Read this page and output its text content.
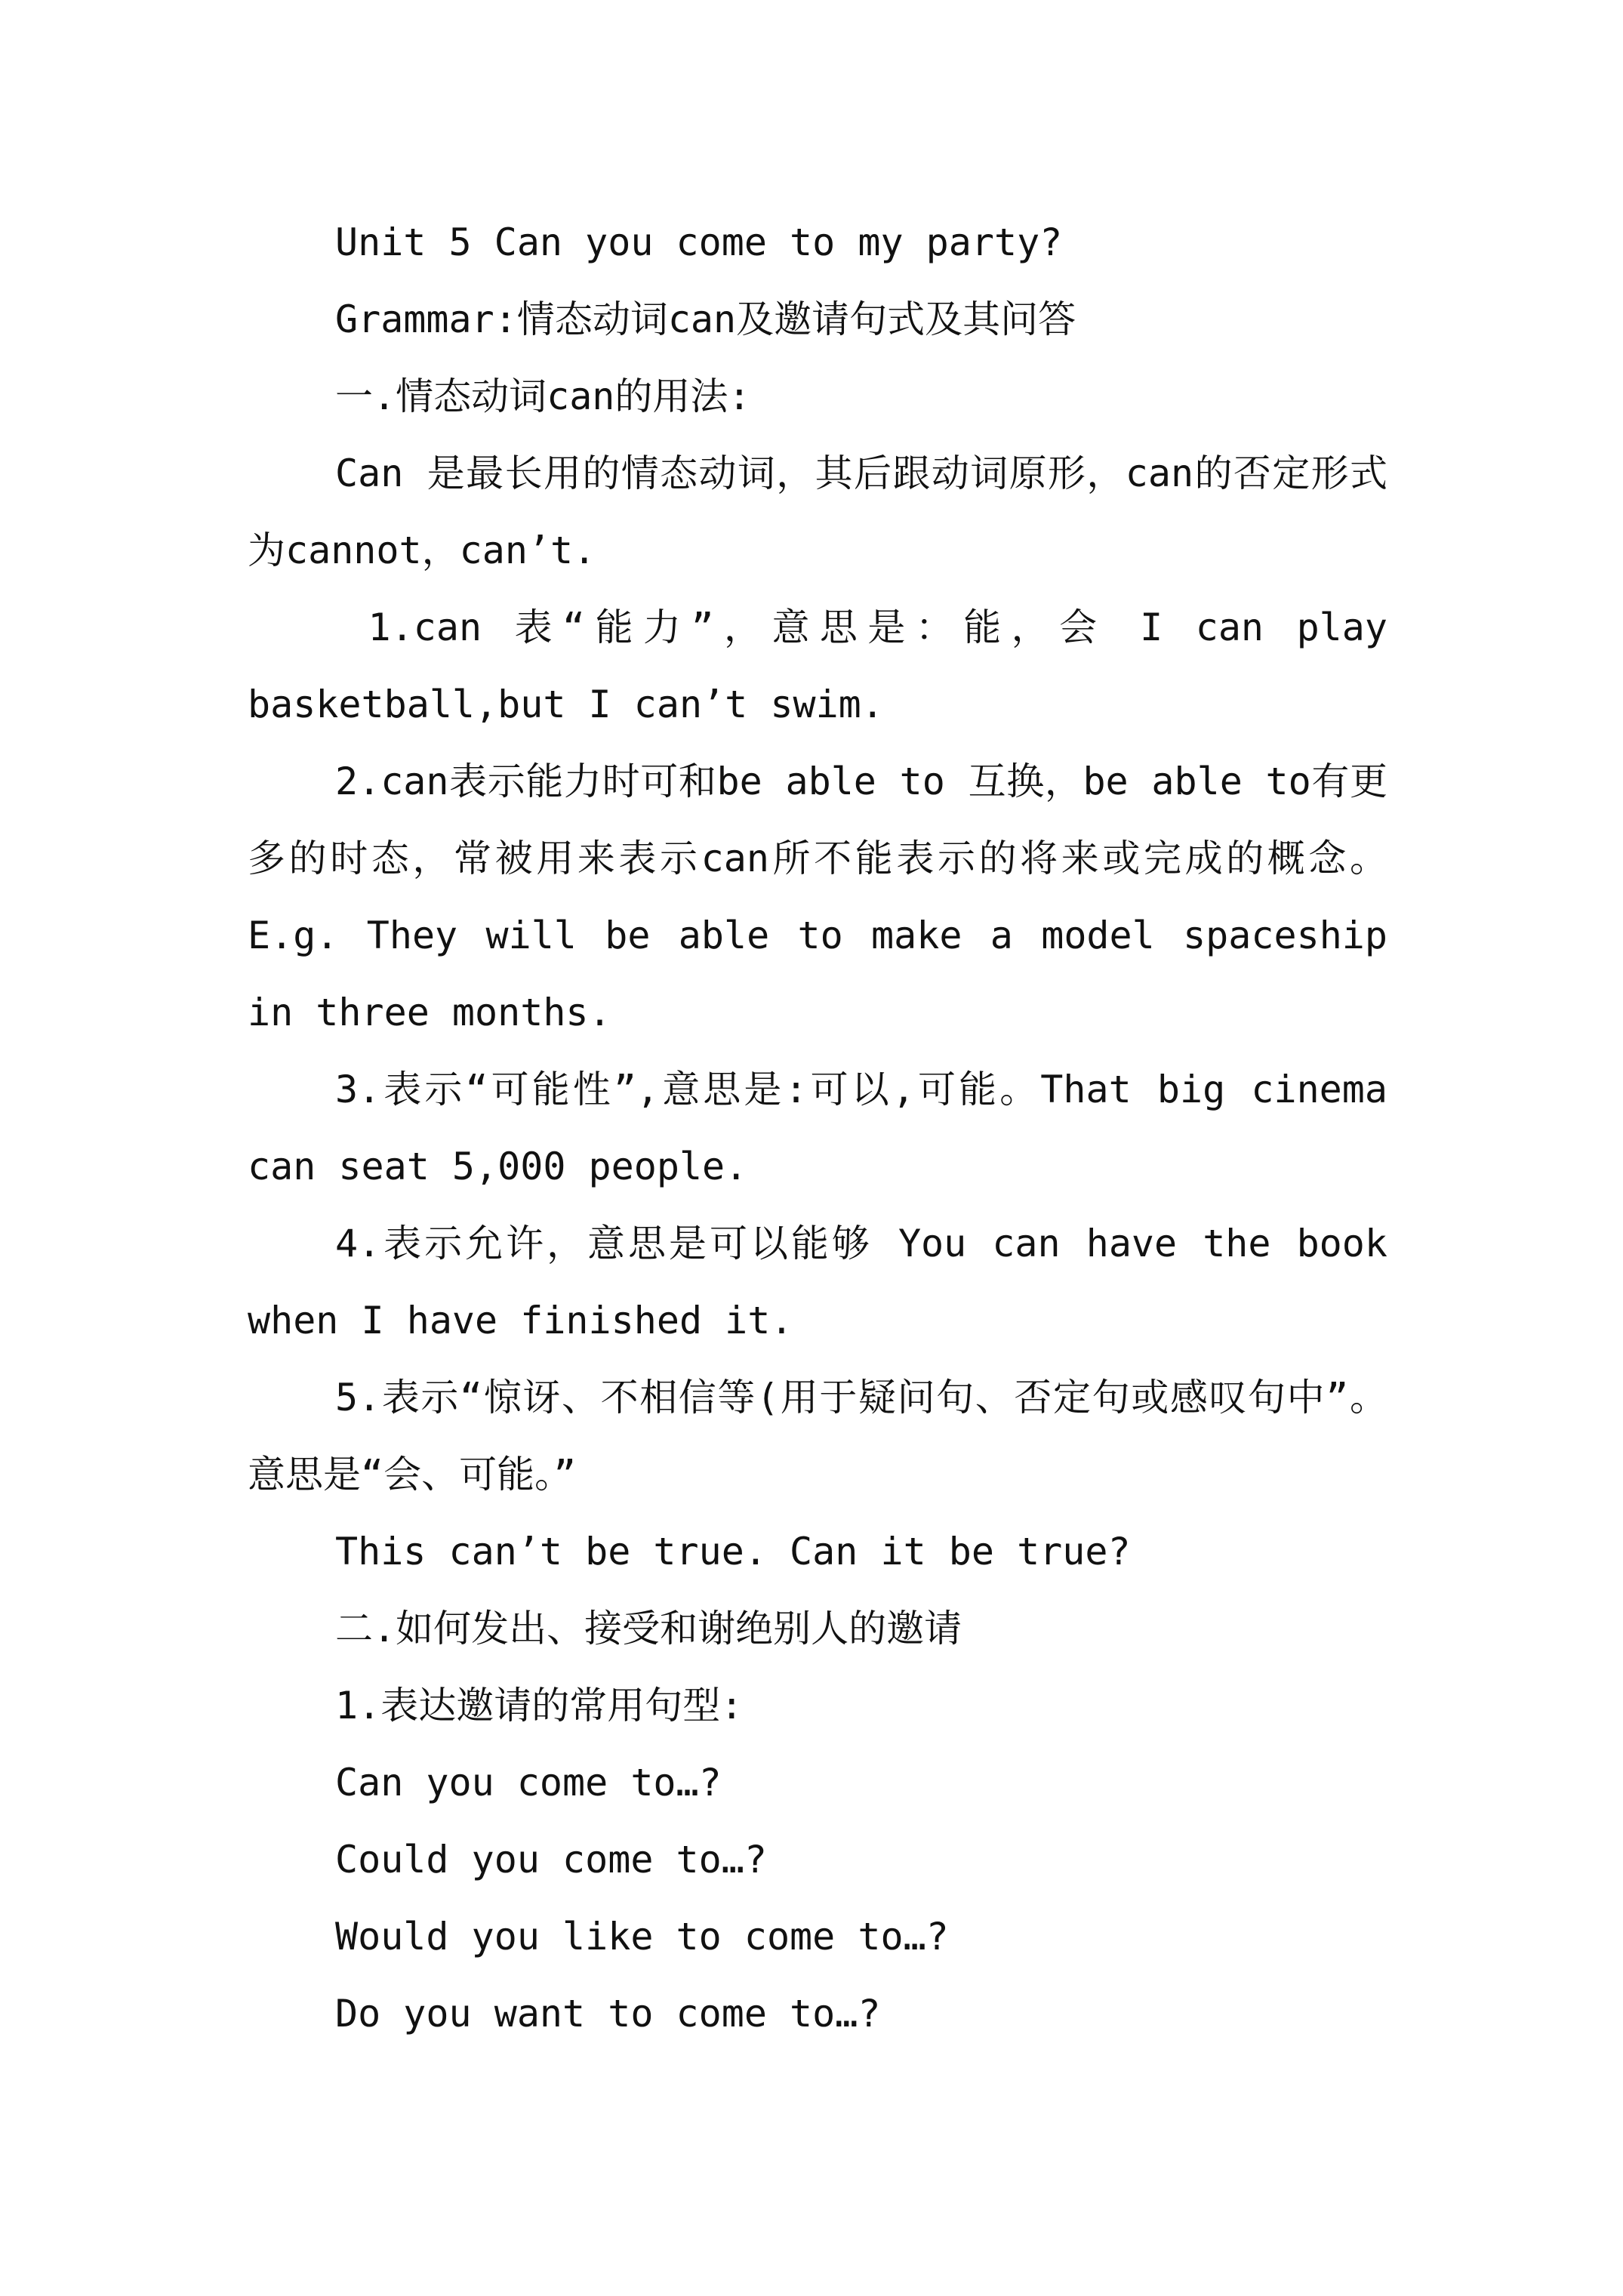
Unit 5 Can you come to my party?

Grammar:情态动词can及邀请句式及其问答

一.情态动词can的用法:

Can 是最长用的情态动词，其后跟动词原形，can的否定形式为cannot，can’t.

1.can 表“能力”，意思是：能，会 I can play basketball,but I can’t swim.

2.can表示能力时可和be able to 互换，be able to有更多的时态，常被用来表示can所不能表示的将来或完成的概念。E.g. They will be able to make a model spaceship in three months.

3.表示“可能性”,意思是:可以,可能。That big cinema can seat 5,000 people.

4.表示允许，意思是可以能够 You can have the book when I have finished it.

5.表示“惊讶、不相信等(用于疑问句、否定句或感叹句中”。意思是“会、可能。”

This can’t be true. Can it be true?

二.如何发出、接受和谢绝别人的邀请

1.表达邀请的常用句型:

Can you come to…?

Could you come to…?

Would you like to come to…?

Do you want to come to…?
